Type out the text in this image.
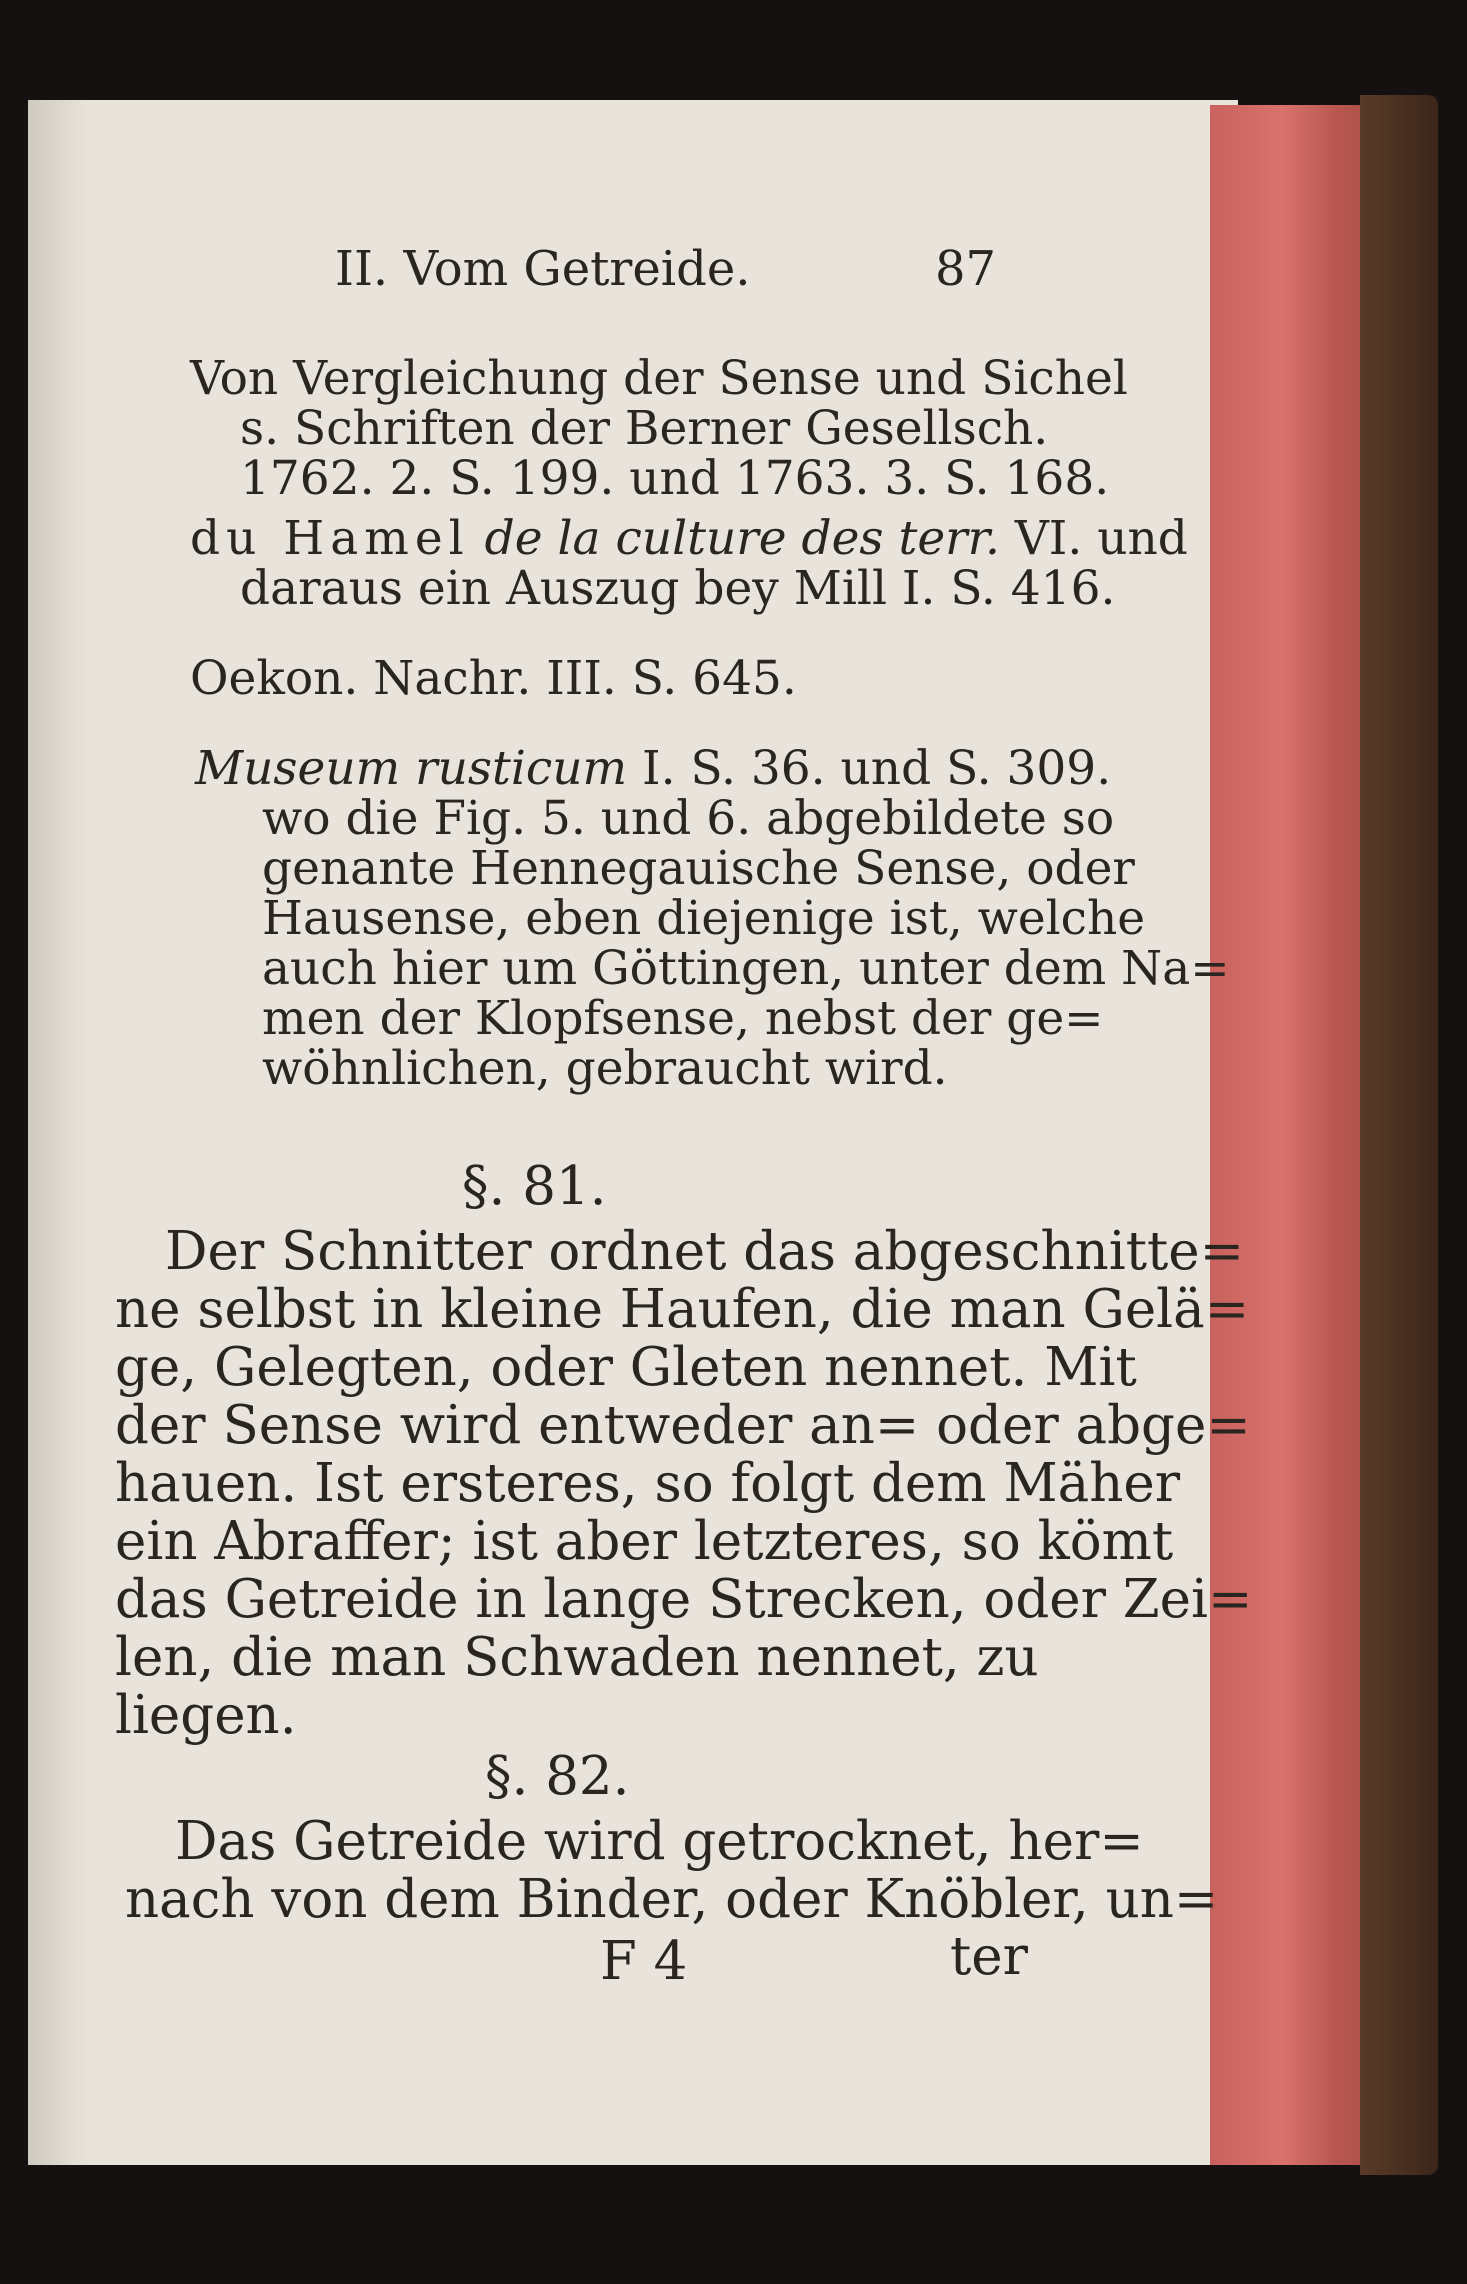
II. Vom Getreide.	87
Von Vergleichung der Sense und Sichel
s. Schriften der Berner Gesellsch.
1762. 2. S. 199. und 1763. 3. S. 168.
du Hamel de la culture des terr. VI. und
daraus ein Auszug bey Mill I. S. 416.
Oekon. Nachr. III. S. 645.
Museum rusticum I. S. 36. und S. 309.
wo die Fig. 5. und 6. abgebildete so
genante Hennegauische Sense, oder
Hausense, eben diejenige ist, welche
auch hier um Göttingen, unter dem Na=
men der Klopfsense, nebst der ge=
wöhnlichen, gebraucht wird.
§. 81.
Der Schnitter ordnet das abgeschnitte=
ne selbst in kleine Haufen, die man Gelä=
ge, Gelegten, oder Gleten nennet. Mit
der Sense wird entweder an= oder abge=
hauen. Ist ersteres, so folgt dem Mäher
ein Abraffer; ist aber letzteres, so kömt
das Getreide in lange Strecken, oder Zei=
len, die man Schwaden nennet, zu
liegen.
§. 82.
Das Getreide wird getrocknet, her=
nach von dem Binder, oder Knöbler, un=
F 4	ter
